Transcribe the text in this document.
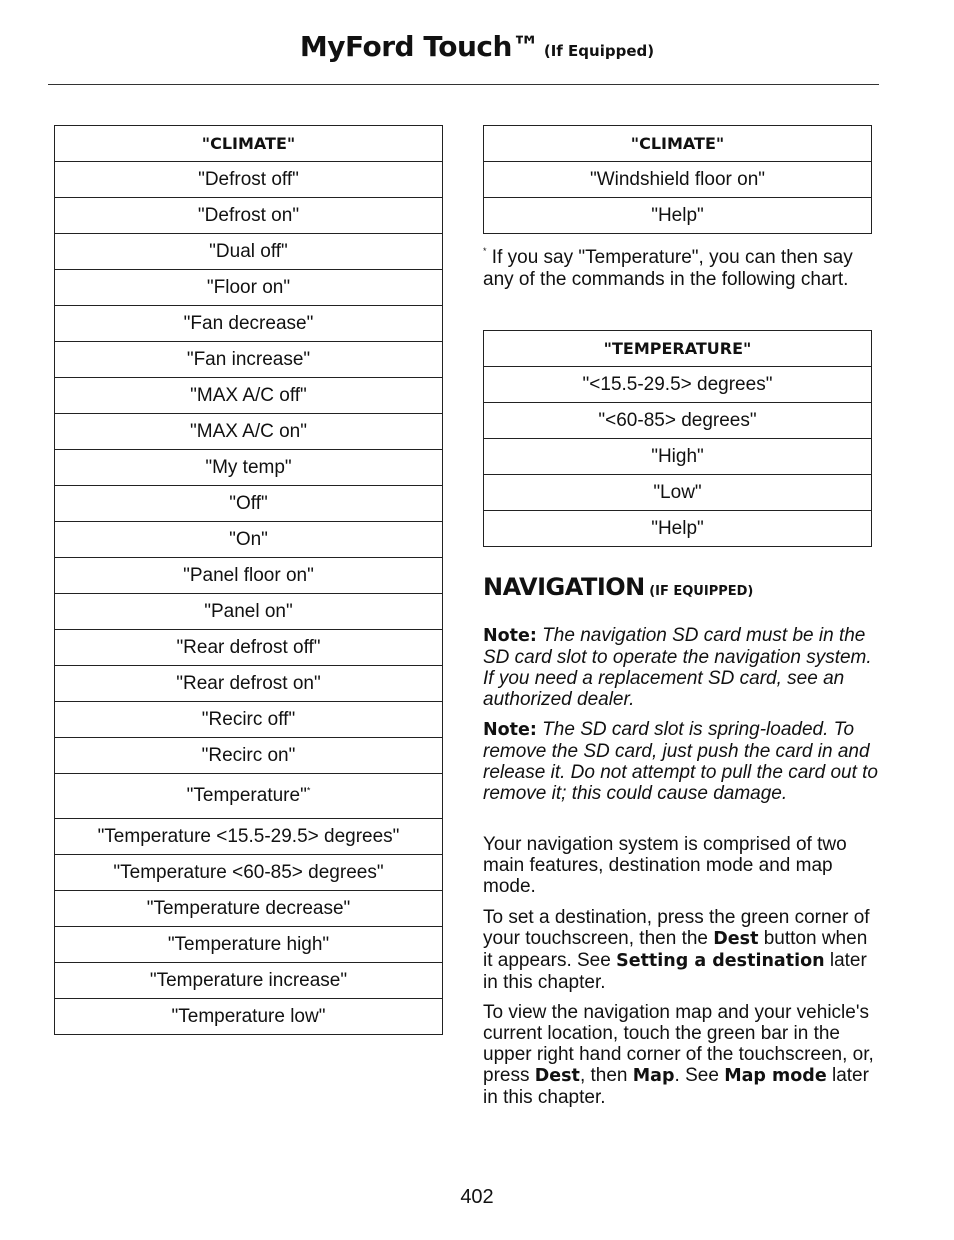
MyFord Touch™ (If Equipped)
"CLIMATE"
"Defrost off"
"Defrost on"
"Dual off"
"Floor on"
"Fan decrease"
"Fan increase"
"MAX A/C off"
"MAX A/C on"
"My temp"
"Off"
"On"
"Panel floor on"
"Panel on"
"Rear defrost off"
"Rear defrost on"
"Recirc off"
"Recirc on"
"Temperature"*
"Temperature <15.5-29.5> degrees"
"Temperature <60-85> degrees"
"Temperature decrease"
"Temperature high"
"Temperature increase"
"Temperature low"
"CLIMATE"
"Windshield floor on"
"Help"
* If you say "Temperature", you can then say any of the commands in the following chart.
"TEMPERATURE"
"<15.5-29.5> degrees"
"<60-85> degrees"
"High"
"Low"
"Help"
NAVIGATION (IF EQUIPPED)

Note: The navigation SD card must be in the SD card slot to operate the navigation system. If you need a replacement SD card, see an authorized dealer.

Note: The SD card slot is spring-loaded. To remove the SD card, just push the card in and release it. Do not attempt to pull the card out to remove it; this could cause damage.

Your navigation system is comprised of two main features, destination mode and map mode.

To set a destination, press the green corner of your touchscreen, then the Dest button when it appears. See Setting a destination later in this chapter.

To view the navigation map and your vehicle's current location, touch the green bar in the upper right hand corner of the touchscreen, or, press Dest, then Map. See Map mode later in this chapter.

402
